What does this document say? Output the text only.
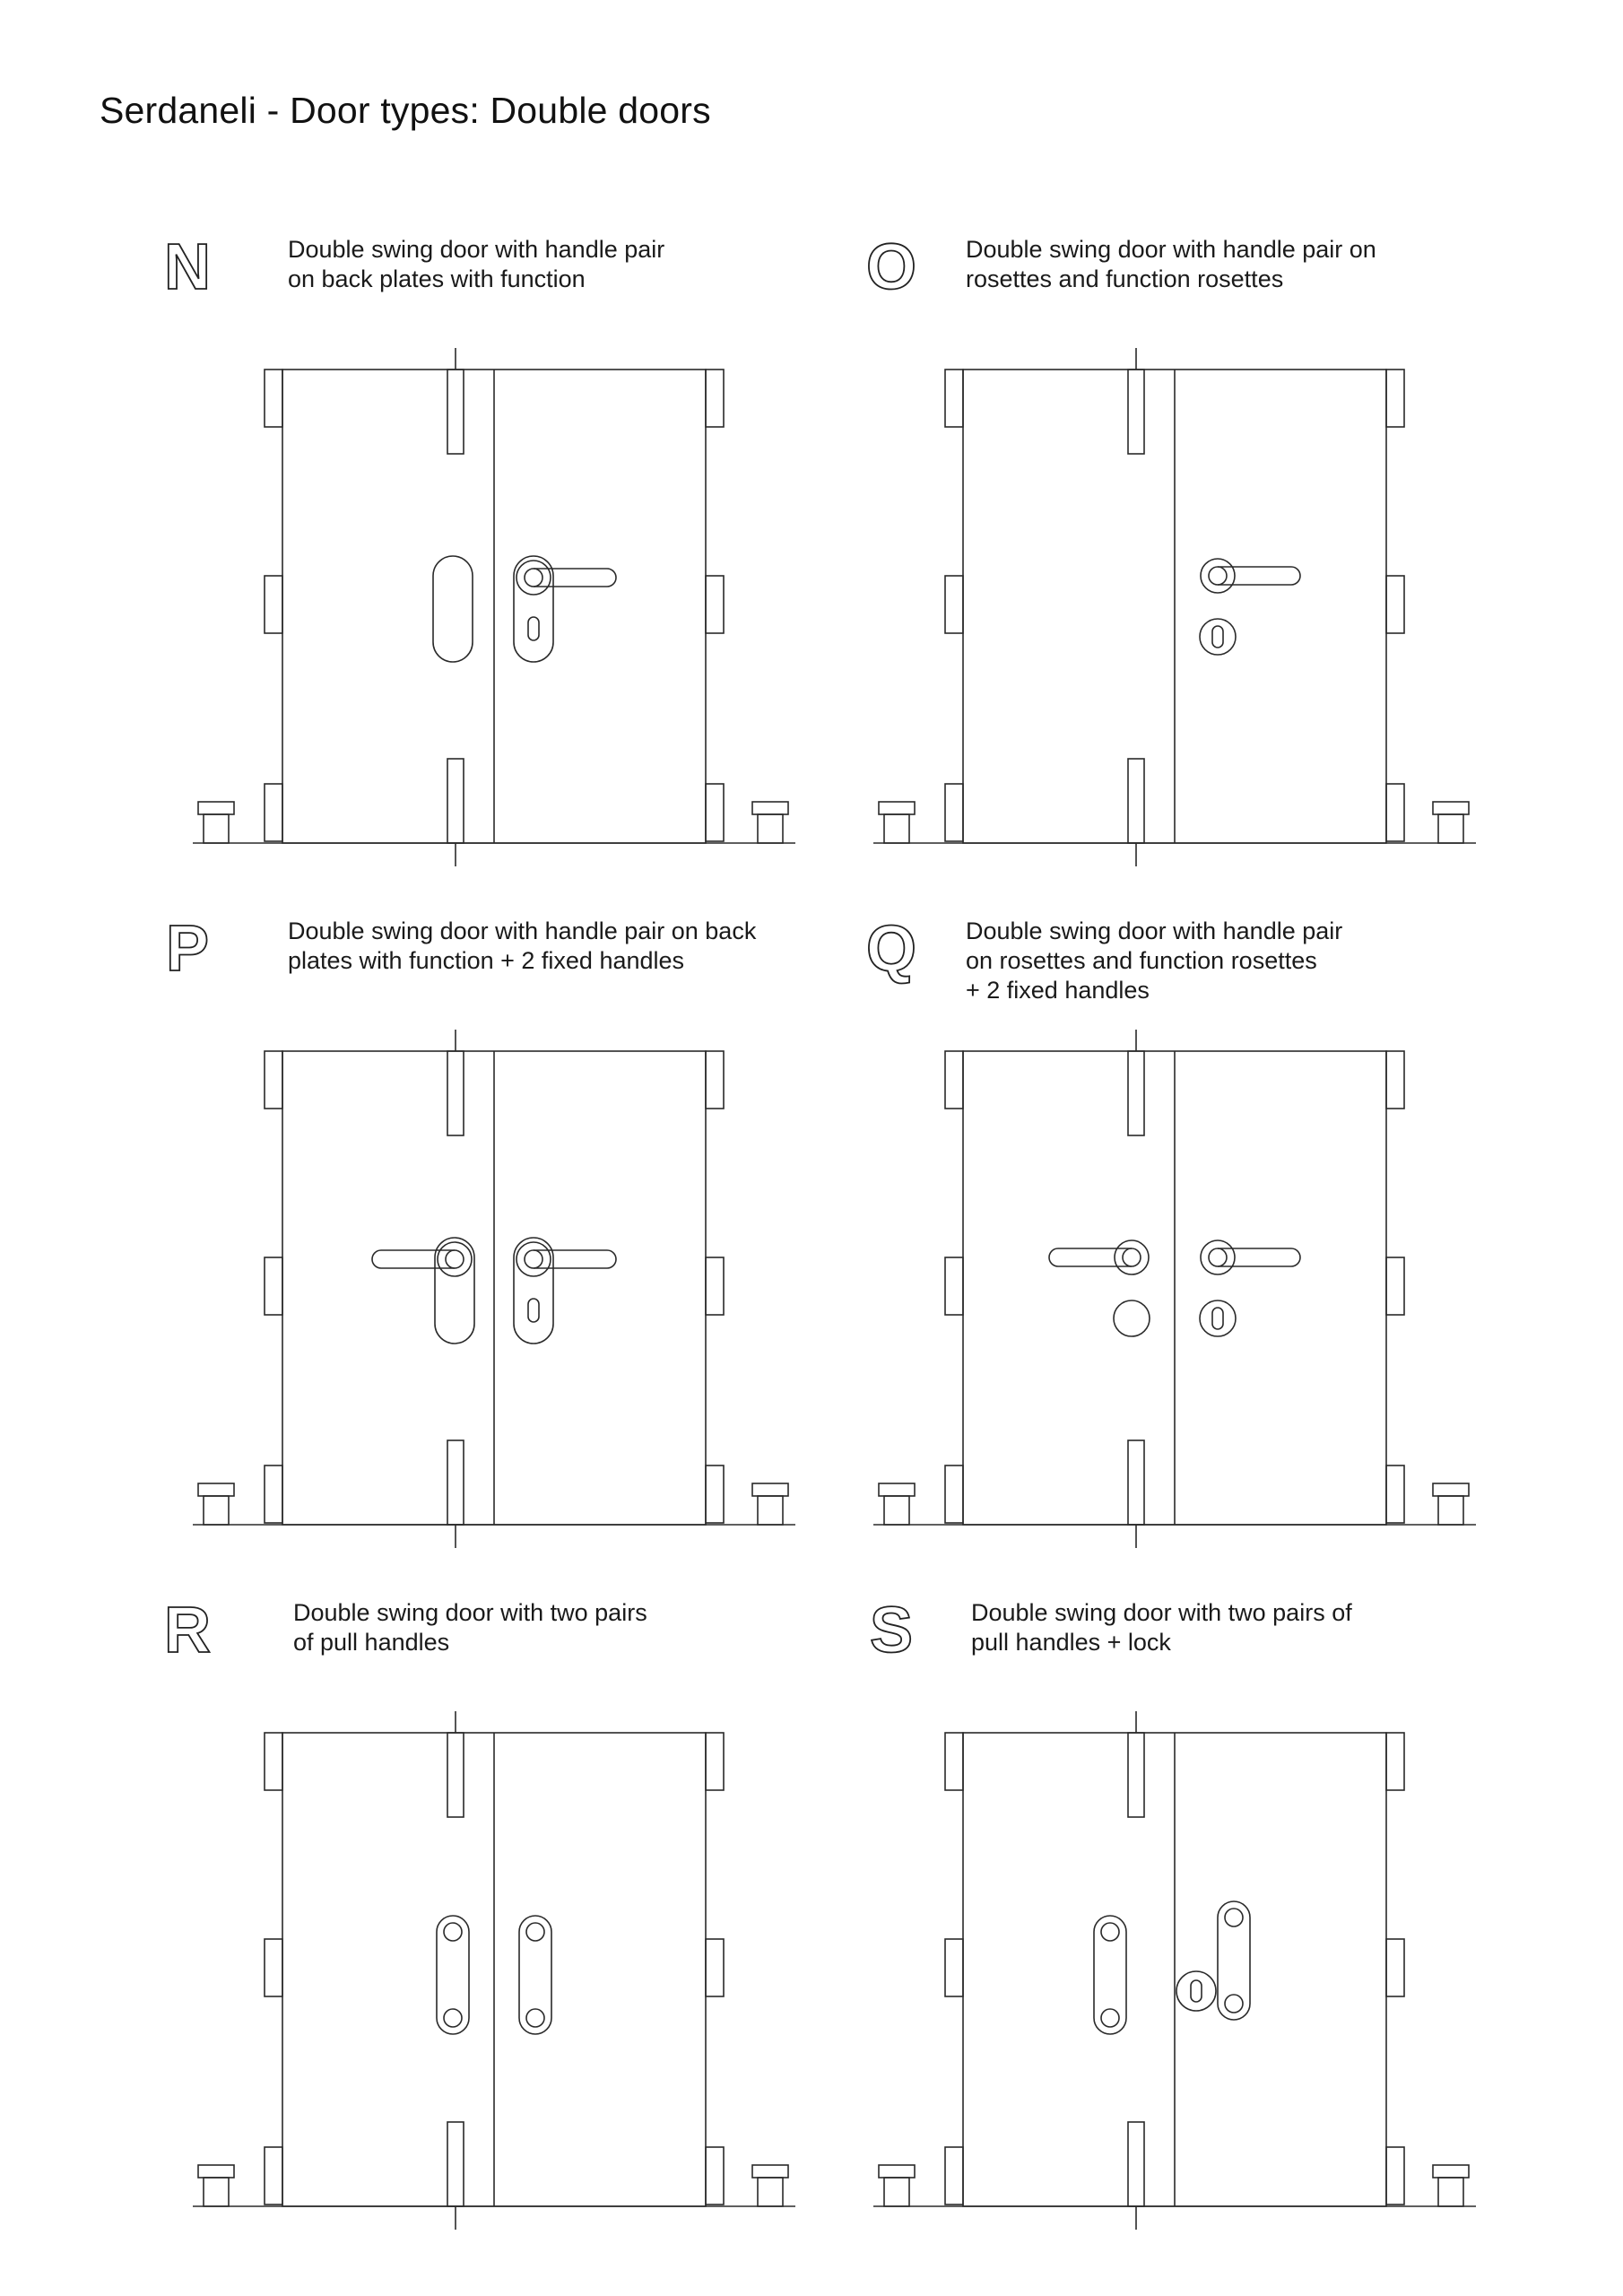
Serdaneli - Door types: Double doors
N	Double swing door with handle pair
on back plates with function	O Double swing door with handle pair on
rosettes and function rosettes

P	Double swing door with handle pair on back
plates with function + 2 fixed handles	Q Double swing door with handle pair
on rosettes and function rosettes
+ 2 fixed handles

R	Double swing door with two pairs
of pull handles	S Double swing door with two pairs of
pull handles + lock
